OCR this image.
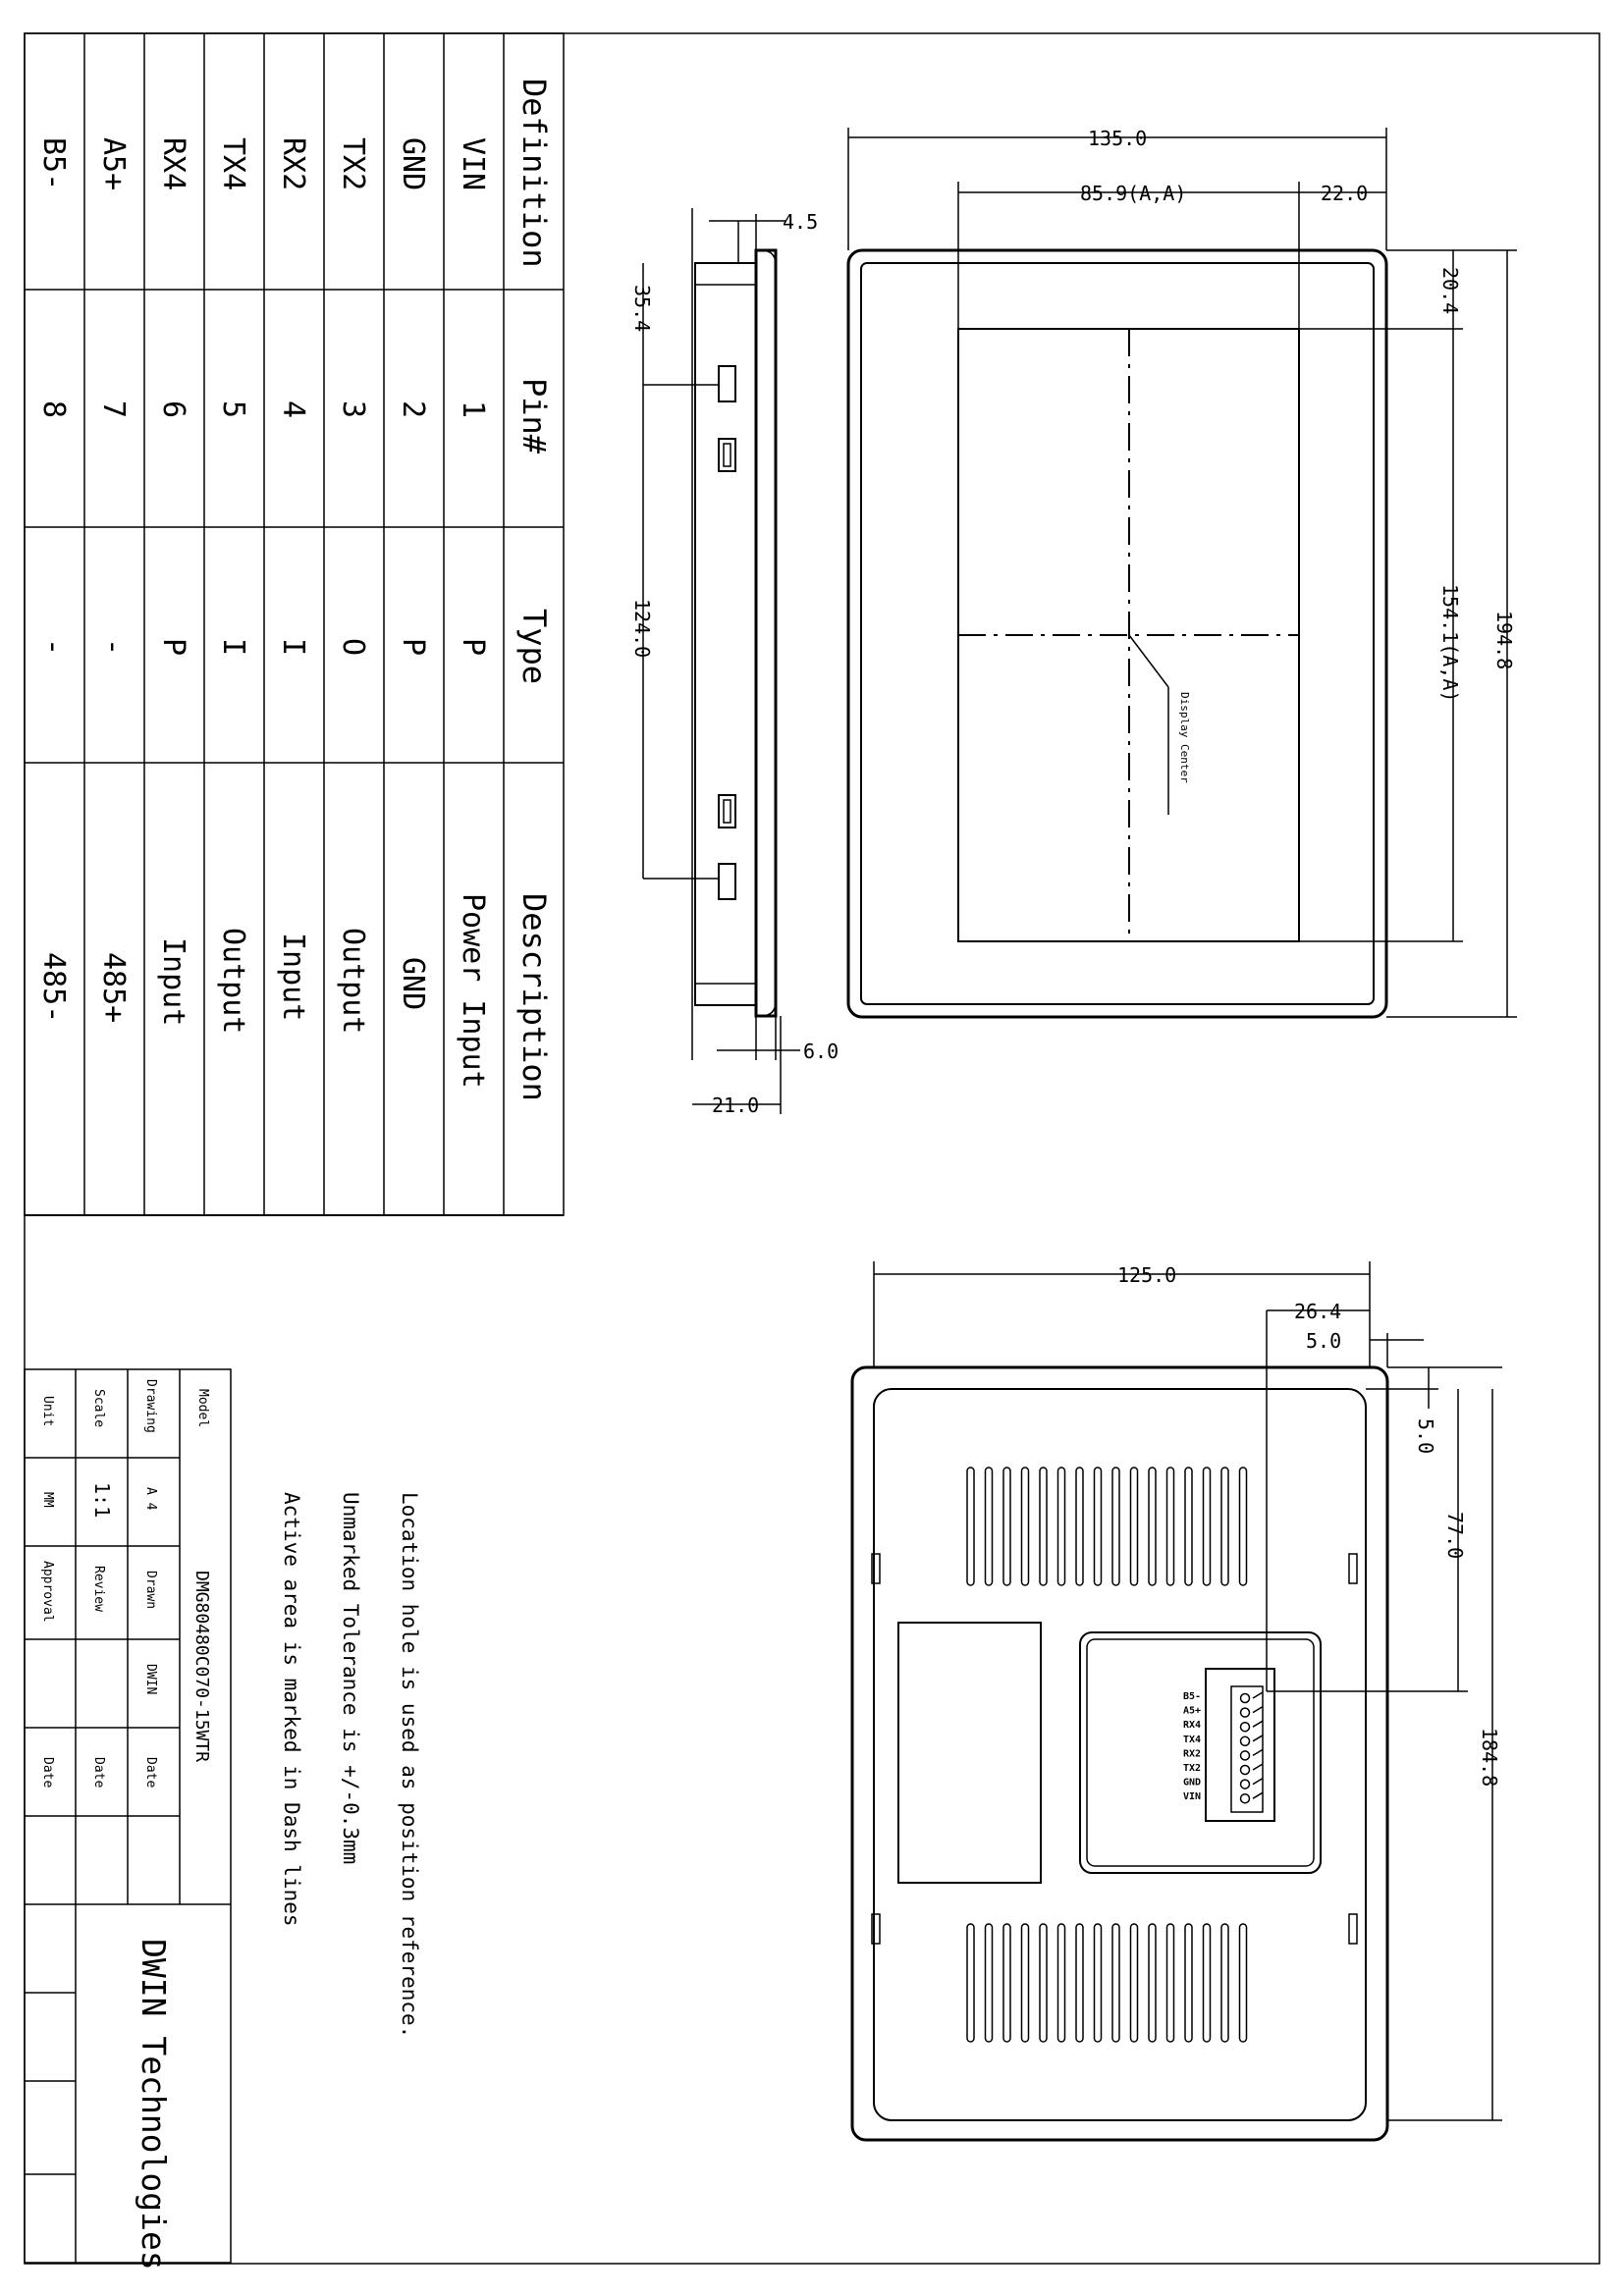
Definition
Pin#
Type
Description
VIN
1
P
Power Input
GND
2
P
GND
TX2
3
O
Output
RX2
4
I
Input
TX4
5
I
Output
RX4
6
P
Input
A5+
7
-
485+
B5-
8
-
485-
4.5
35.4
124.0
6.0
21.0
Display Center
135.0
85.9(A,A)	22.0
20.4
154.1(A,A) 194.8
B5-
A5+
RX4
TX4
RX2
TX2
GND
VIN
125.0
26.4
5.0
5.0
77.0
184.8
Location hole is used as position reference.
Unmarked Tolerance is +/-0.3mm
Active area is marked in Dash lines
Model
DMG80480C070-15WTR
Drawing
A 4
Drawn
DWIN
Date
Scale
1:1
Review
Date
Unit
MM
Approval
Date
DWIN Technologies
